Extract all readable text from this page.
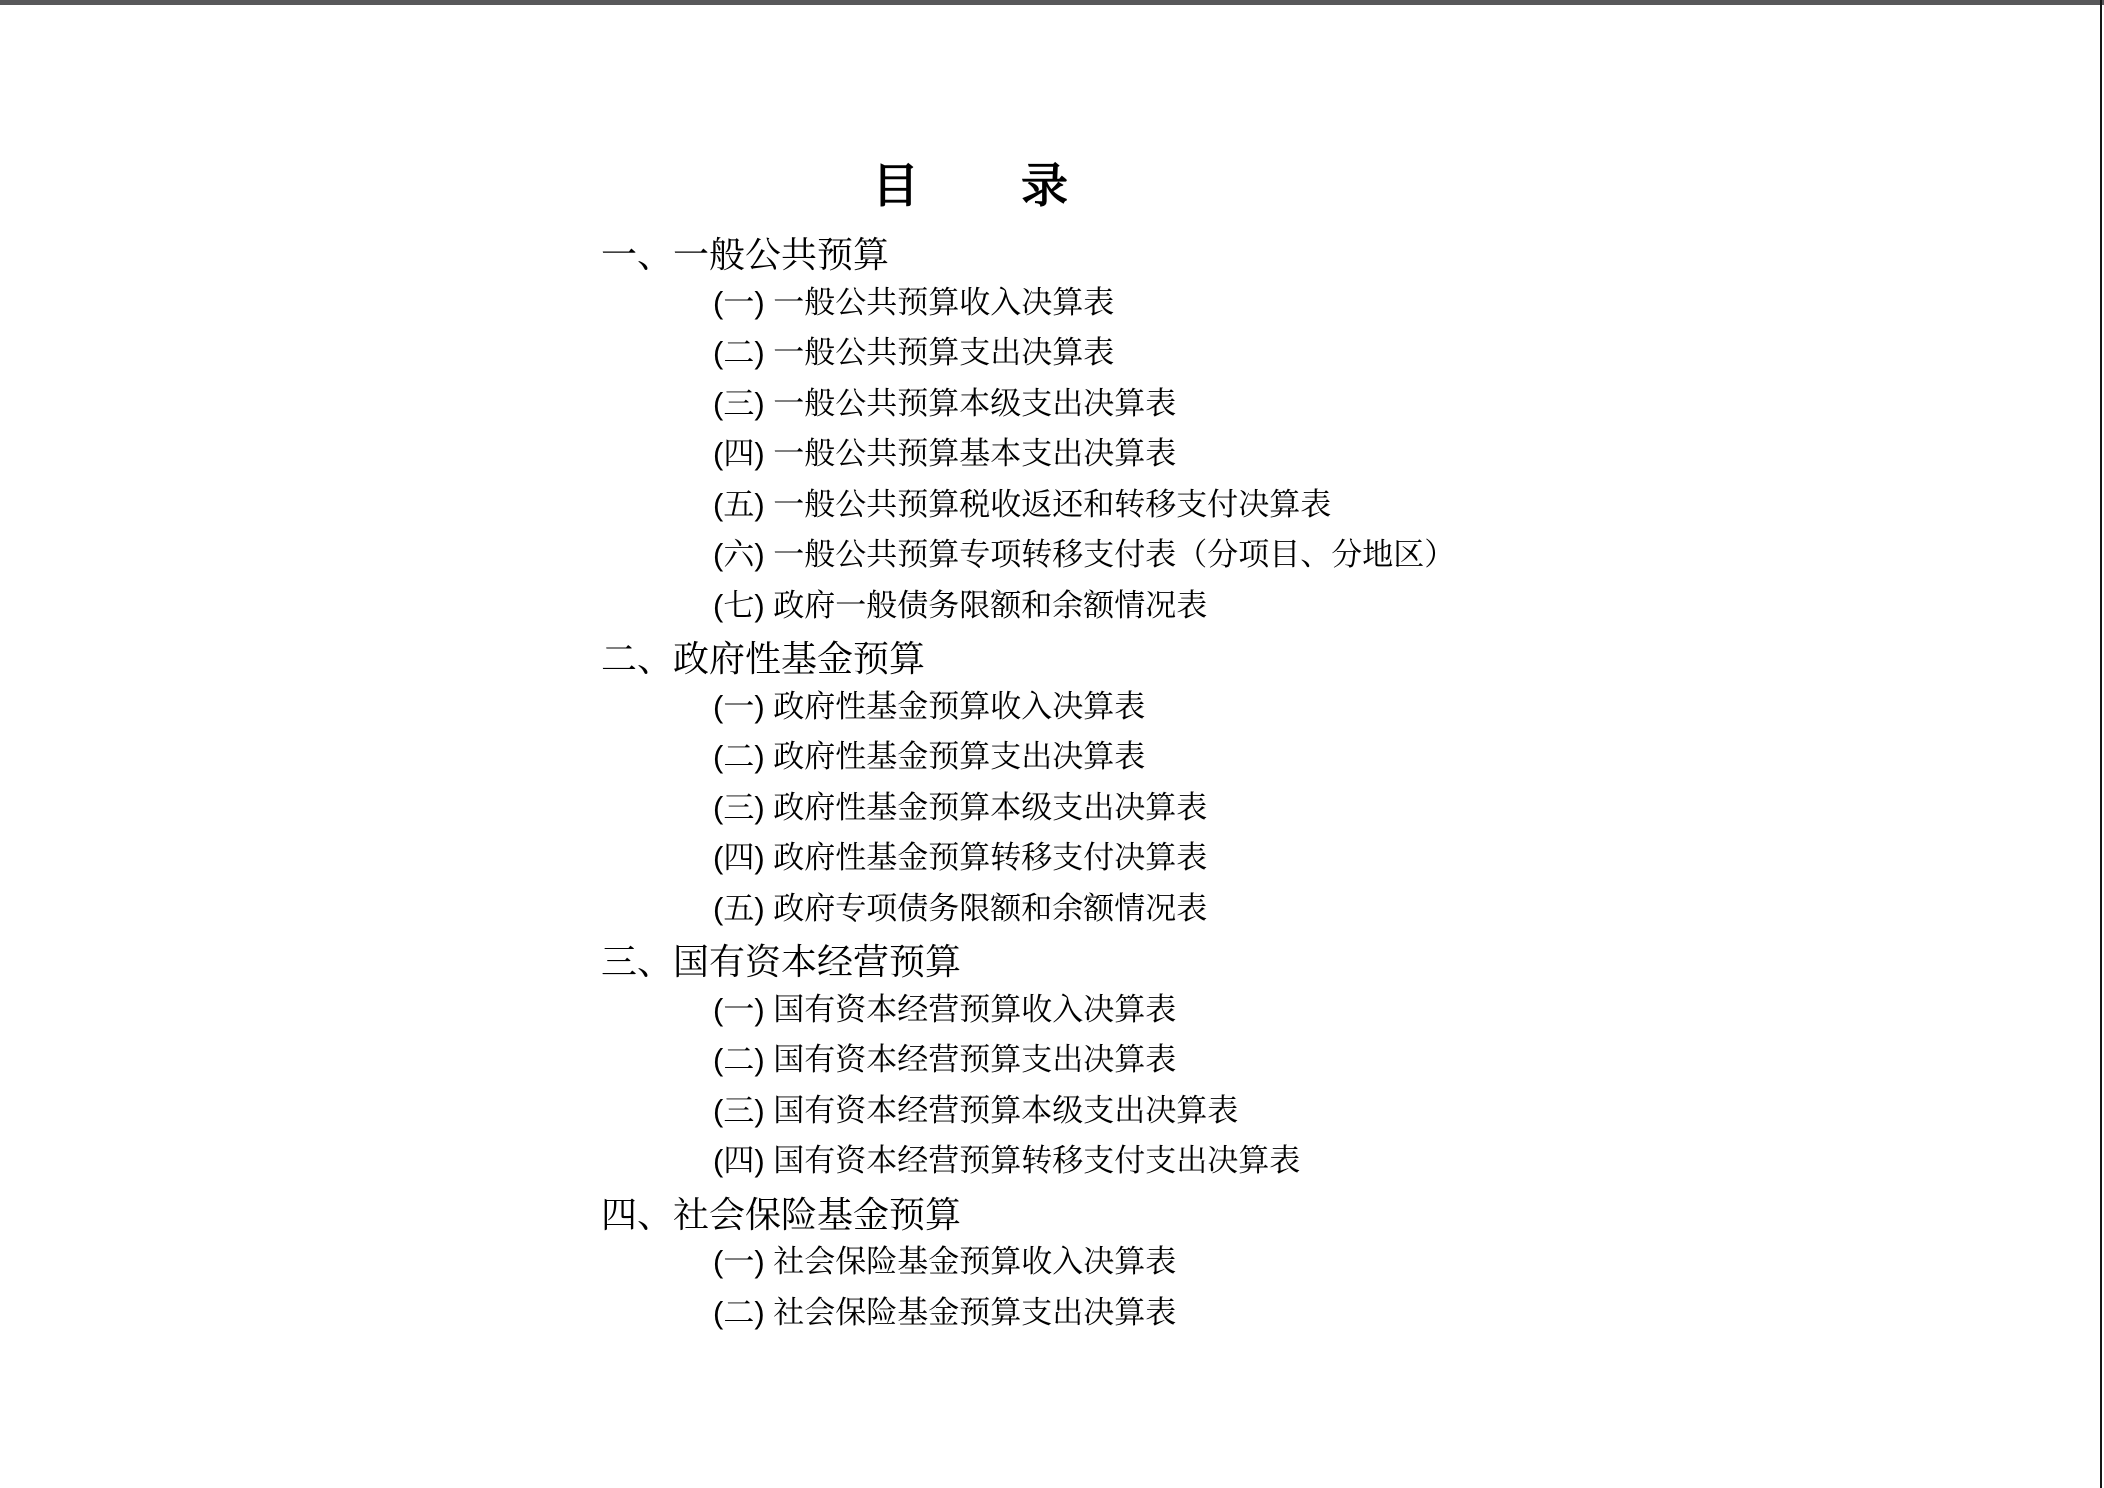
目录
一、一般公共预算
(一) 一般公共预算收入决算表
(二) 一般公共预算支出决算表
(三) 一般公共预算本级支出决算表
(四) 一般公共预算基本支出决算表
(五) 一般公共预算税收返还和转移支付决算表
(六) 一般公共预算专项转移支付表（分项目、分地区）
(七) 政府一般债务限额和余额情况表
二、政府性基金预算
(一) 政府性基金预算收入决算表
(二) 政府性基金预算支出决算表
(三) 政府性基金预算本级支出决算表
(四) 政府性基金预算转移支付决算表
(五) 政府专项债务限额和余额情况表
三、国有资本经营预算
(一) 国有资本经营预算收入决算表
(二) 国有资本经营预算支出决算表
(三) 国有资本经营预算本级支出决算表
(四) 国有资本经营预算转移支付支出决算表
四、社会保险基金预算
(一) 社会保险基金预算收入决算表
(二) 社会保险基金预算支出决算表
